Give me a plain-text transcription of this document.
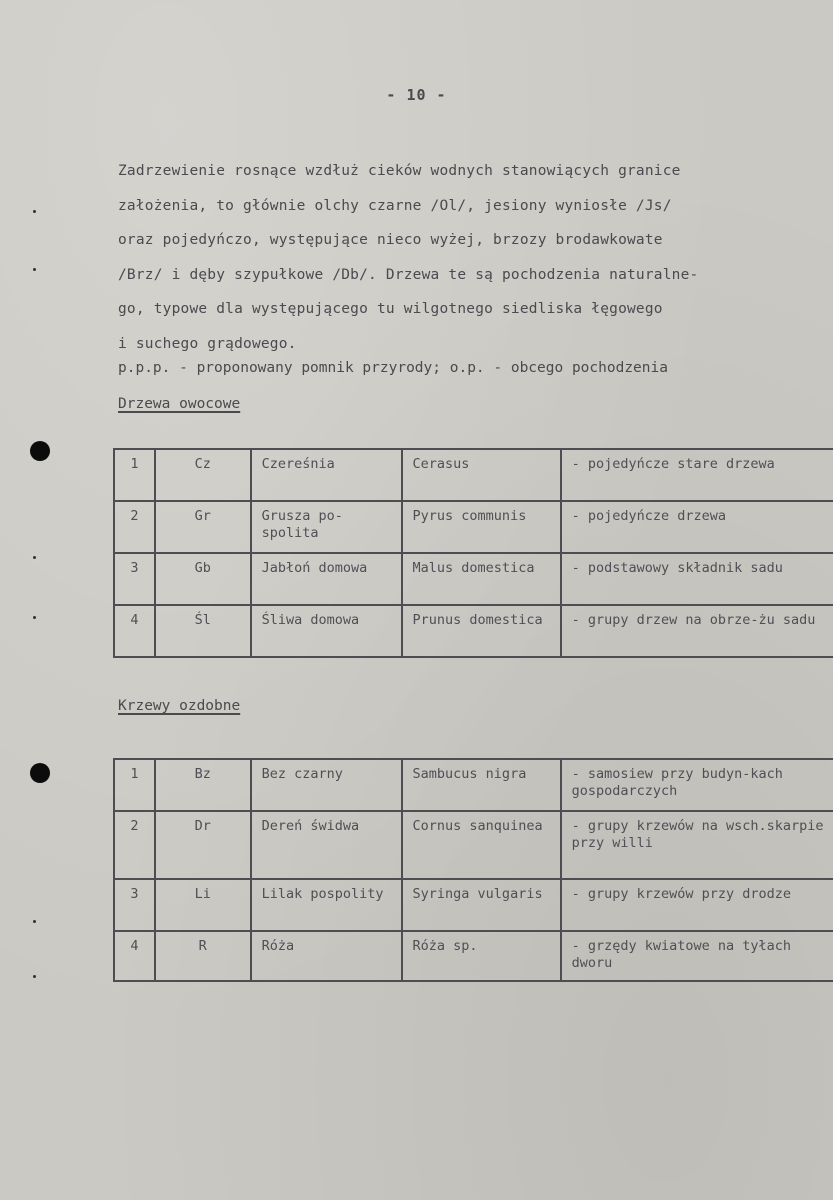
- 10 -
Zadrzewienie rosnące wzdłuż cieków wodnych stanowiących granice
założenia, to głównie olchy czarne /Ol/, jesiony wyniosłe /Js/
oraz pojedyńczo, występujące nieco wyżej, brzozy brodawkowate
/Brz/ i dęby szypułkowe /Db/. Drzewa te są pochodzenia naturalne-
go, typowe dla występującego tu wilgotnego siedliska łęgowego
i suchego grądowego.
p.p.p. - proponowany pomnik przyrody; o.p. - obcego pochodzenia
Drzewa owocowe
1	Cz	Czereśnia	Cerasus	- pojedyńcze stare drzewa
2	Gr	Grusza po-spolita	Pyrus communis	- pojedyńcze drzewa
3	Gb	Jabłoń domowa	Malus domestica	- podstawowy składnik sadu
4	Śl	Śliwa domowa	Prunus domestica	- grupy drzew na obrze-żu sadu
Krzewy ozdobne
1	Bz	Bez czarny	Sambucus nigra	- samosiew przy budyn-kach gospodarczych
2	Dr	Dereń świdwa	Cornus sanquinea	- grupy krzewów na wsch.skarpie przy willi
3	Li	Lilak pospolity	Syringa vulgaris	- grupy krzewów przy drodze
4	R	Róża	Róża sp.	- grzędy kwiatowe na tyłach dworu
